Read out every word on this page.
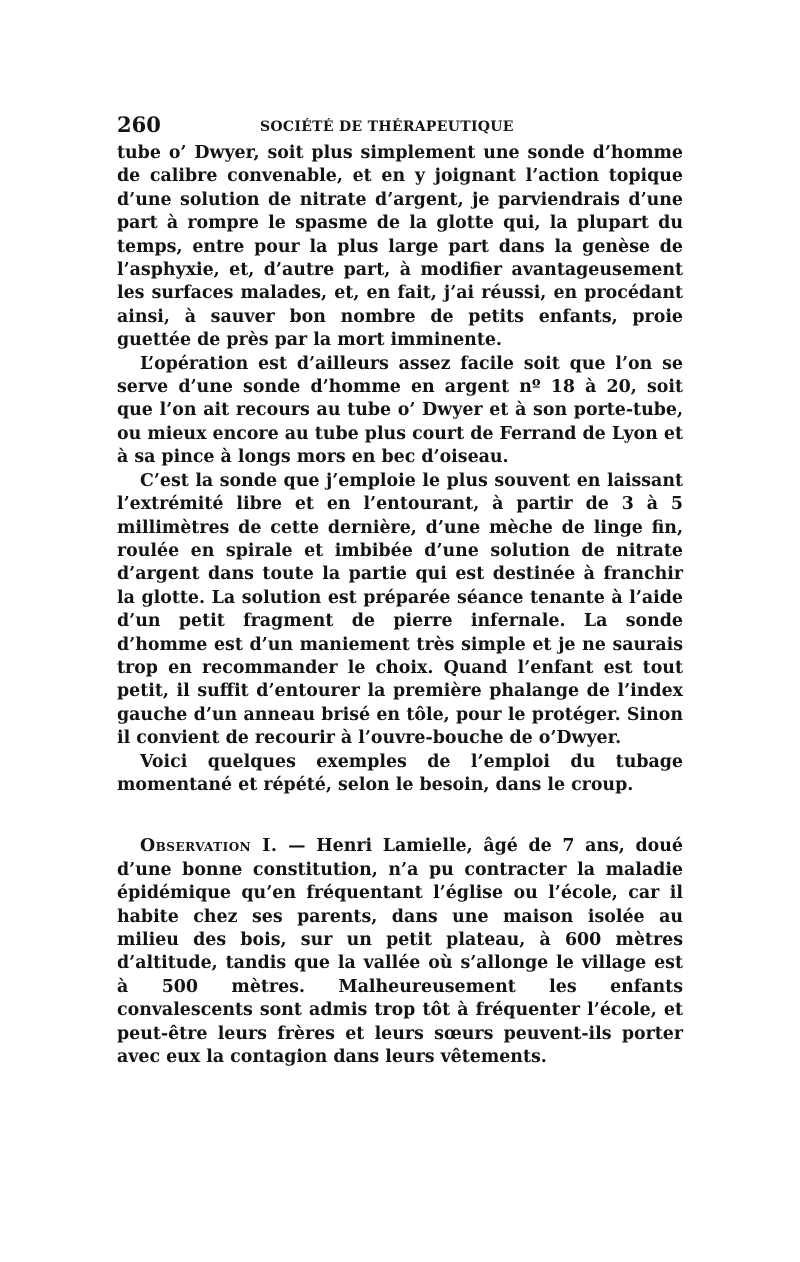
260	SOCIÉTÉ DE THÉRAPEUTIQUE

tube o’ Dwyer, soit plus simplement une sonde d’homme de calibre convenable, et en y joignant l’action topique d’une solution de nitrate d’argent, je parviendrais d’une part à rompre le spasme de la glotte qui, la plupart du temps, entre pour la plus large part dans la genèse de l’asphyxie, et, d’autre part, à modifier avantageusement les surfaces malades, et, en fait, j’ai réussi, en procédant ainsi, à sauver bon nombre de petits enfants, proie guettée de près par la mort imminente.

L’opération est d’ailleurs assez facile soit que l’on se serve d’une sonde d’homme en argent nº 18 à 20, soit que l’on ait recours au tube o’ Dwyer et à son porte-tube, ou mieux encore au tube plus court de Ferrand de Lyon et à sa pince à longs mors en bec d’oiseau.

C’est la sonde que j’emploie le plus souvent en laissant l’extrémité libre et en l’entourant, à partir de 3 à 5 millimètres de cette dernière, d’une mèche de linge fin, roulée en spirale et imbibée d’une solution de nitrate d’argent dans toute la partie qui est destinée à franchir la glotte. La solution est préparée séance tenante à l’aide d’un petit fragment de pierre infernale. La sonde d’homme est d’un maniement très simple et je ne saurais trop en recommander le choix. Quand l’enfant est tout petit, il suffit d’entourer la première phalange de l’index gauche d’un anneau brisé en tôle, pour le protéger. Sinon il convient de recourir à l’ouvre-bouche de o’Dwyer.

Voici quelques exemples de l’emploi du tubage momentané et répété, selon le besoin, dans le croup.

Observation I. — Henri Lamielle, âgé de 7 ans, doué d’une bonne constitution, n’a pu contracter la maladie épidémique qu’en fréquentant l’église ou l’école, car il habite chez ses parents, dans une maison isolée au milieu des bois, sur un petit plateau, à 600 mètres d’altitude, tandis que la vallée où s’allonge le village est à 500 mètres. Malheureusement les enfants convalescents sont admis trop tôt à fréquenter l’école, et peut-être leurs frères et leurs sœurs peuvent-ils porter avec eux la contagion dans leurs vêtements.
